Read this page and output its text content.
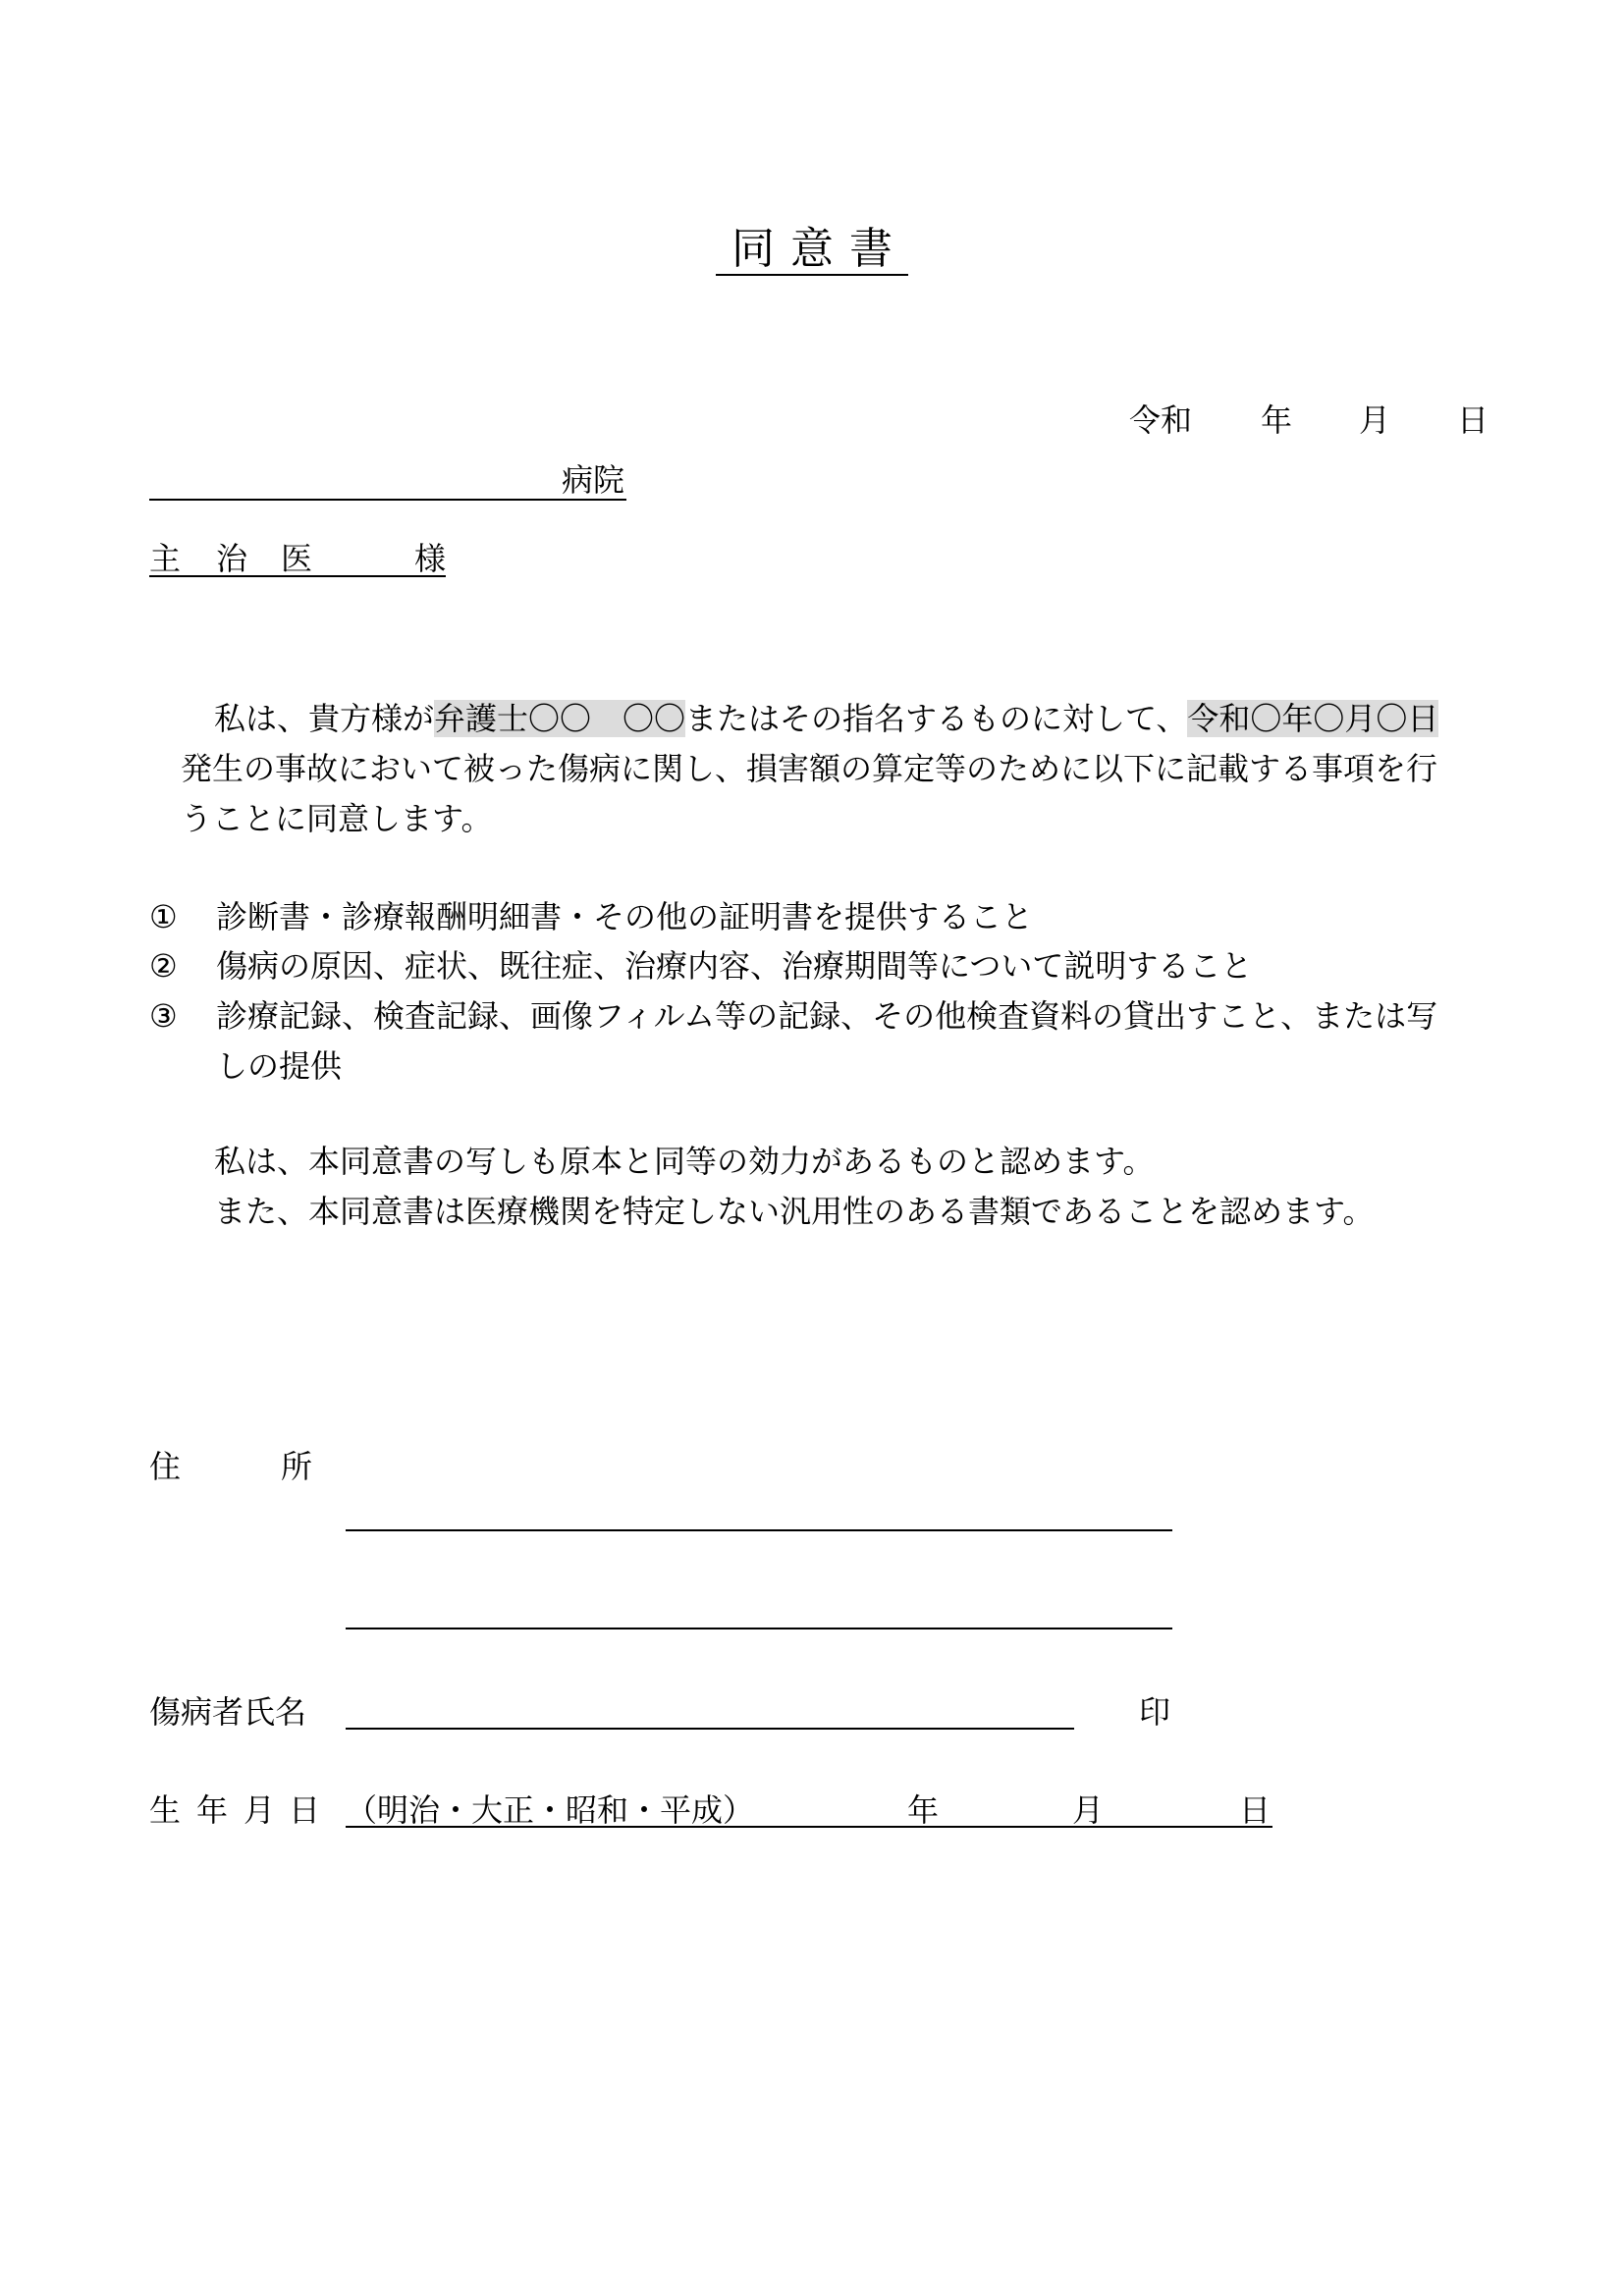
同意書
令和 年 月 日
病院
主 治 医	様
私は、貴方様が弁護士〇〇　〇〇またはその指名するものに対して、令和〇年〇月〇日
発生の事故において被った傷病に関し、損害額の算定等のために以下に記載する事項を行
うことに同意します。
① 診断書・診療報酬明細書・その他の証明書を提供すること
② 傷病の原因、症状、既往症、治療内容、治療期間等について説明すること
③ 診療記録、検査記録、画像フィルム等の記録、その他検査資料の貸出すこと、または写
しの提供
私は、本同意書の写しも原本と同等の効力があるものと認めます。
また、本同意書は医療機関を特定しない汎用性のある書類であることを認めます。
住	所
傷病者氏名	印
生 年 月 日 （明治・大正・昭和・平成）	年	月	日
